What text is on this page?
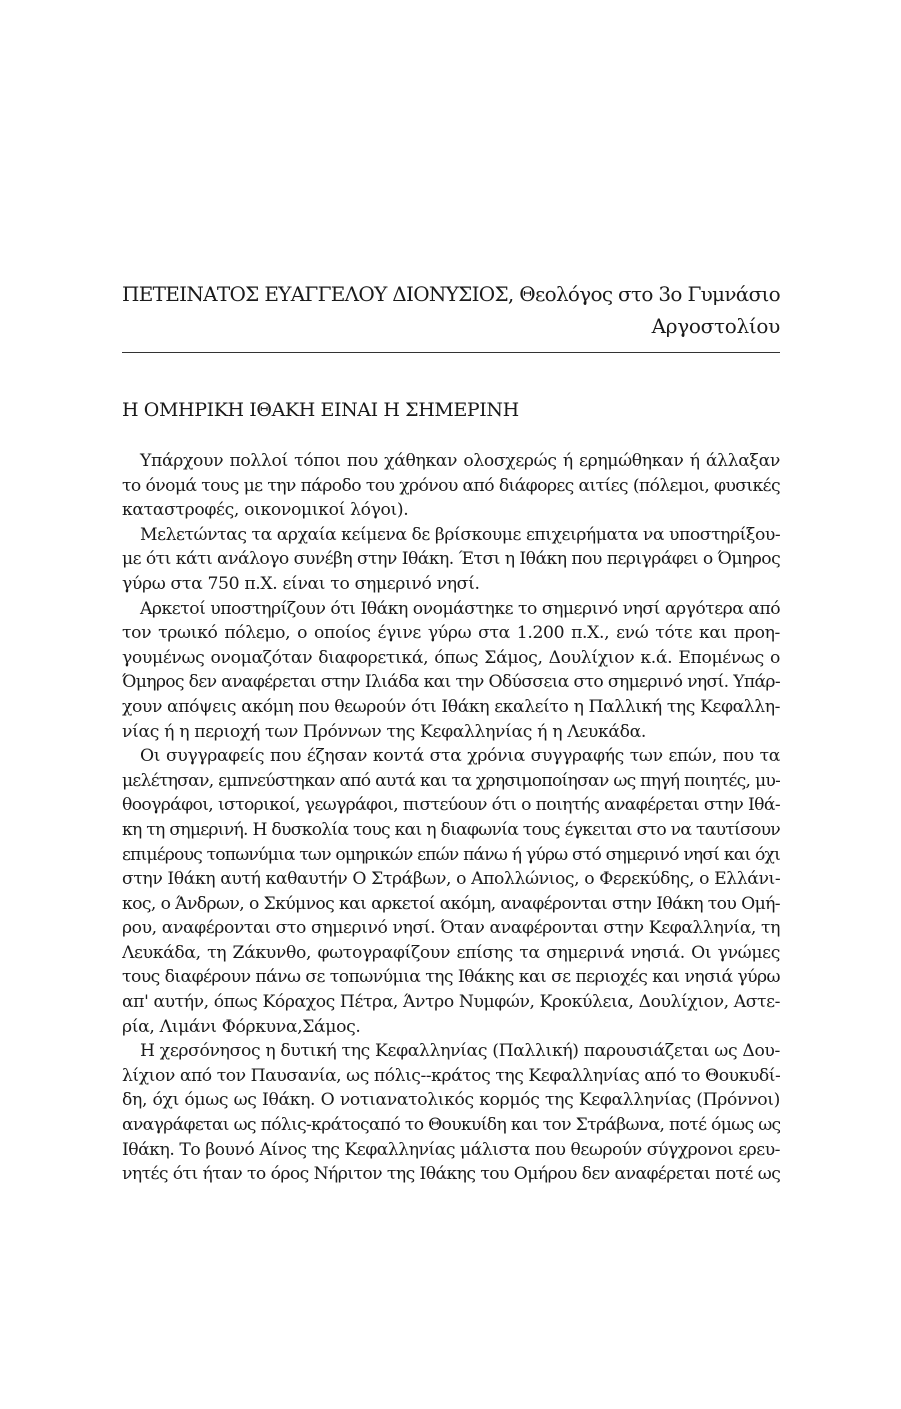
ΠΕΤΕΙΝΑΤΟΣ ΕΥΑΓΓΕΛΟΥ ΔΙΟΝΥΣΙΟΣ, Θεολόγος στο 3ο Γυμνάσιο
Αργοστολίου
Η ΟΜΗΡΙΚΗ ΙΘΑΚΗ ΕΙΝΑΙ Η ΣΗΜΕΡΙΝΗ
Υπάρχουν πολλοί τόποι που χάθηκαν ολοσχερώς ή ερημώθηκαν ή άλλαξαν
το όνομά τους με την πάροδο του χρόνου από διάφορες αιτίες (πόλεμοι, φυσικές
καταστροφές, οικονομικοί λόγοι).
Μελετώντας τα αρχαία κείμενα δε βρίσκουμε επιχειρήματα να υποστηρίξου-
με ότι κάτι ανάλογο συνέβη στην Ιθάκη. Έτσι η Ιθάκη που περιγράφει ο Όμηρος
γύρω στα 750 π.Χ. είναι το σημερινό νησί.
Αρκετοί υποστηρίζουν ότι Ιθάκη ονομάστηκε το σημερινό νησί αργότερα από
τον τρωικό πόλεμο, ο οποίος έγινε γύρω στα 1.200 π.Χ., ενώ τότε και προη-
γουμένως ονομαζόταν διαφορετικά, όπως Σάμος, Δουλίχιον κ.ά. Επομένως ο
Όμηρος δεν αναφέρεται στην Ιλιάδα και την Οδύσσεια στο σημερινό νησί. Υπάρ-
χουν απόψεις ακόμη που θεωρούν ότι Ιθάκη εκαλείτο η Παλλική της Κεφαλλη-
νίας ή η περιοχή των Πρόννων της Κεφαλληνίας ή η Λευκάδα.
Οι συγγραφείς που έζησαν κοντά στα χρόνια συγγραφής των επών, που τα
μελέτησαν, εμπνεύστηκαν από αυτά και τα χρησιμοποίησαν ως πηγή ποιητές, μυ-
θοογράφοι, ιστορικοί, γεωγράφοι, πιστεύουν ότι ο ποιητής αναφέρεται στην Ιθά-
κη τη σημερινή. Η δυσκολία τους και η διαφωνία τους έγκειται στο να ταυτίσουν
επιμέρους τοπωνύμια των ομηρικών επών πάνω ή γύρω στό σημερινό νησί και όχι
στην Ιθάκη αυτή καθαυτήν Ο Στράβων, ο Απολλώνιος, ο Φερεκύδης, ο Ελλάνι-
κος, ο Άνδρων, ο Σκύμνος και αρκετοί ακόμη, αναφέρονται στην Ιθάκη του Ομή-
ρου, αναφέρονται στο σημερινό νησί. Όταν αναφέρονται στην Κεφαλληνία, τη
Λευκάδα, τη Ζάκυνθο, φωτογραφίζουν επίσης τα σημερινά νησιά. Οι γνώμες
τους διαφέρουν πάνω σε τοπωνύμια της Ιθάκης και σε περιοχές και νησιά γύρω
απ' αυτήν, όπως Κόραχος Πέτρα, Άντρο Νυμφών, Κροκύλεια, Δουλίχιον, Αστε-
ρία, Λιμάνι Φόρκυνα,Σάμος.
Η χερσόνησος η δυτική της Κεφαλληνίας (Παλλική) παρουσιάζεται ως Δου-
λίχιον από τον Παυσανία, ως πόλις--κράτος της Κεφαλληνίας από το Θουκυδί-
δη, όχι όμως ως Ιθάκη. Ο νοτιανατολικός κορμός της Κεφαλληνίας (Πρόννοι)
αναγράφεται ως πόλις-κράτοςαπό το Θουκυίδη και τον Στράβωνα, ποτέ όμως ως
Ιθάκη. Το βουνό Αίνος της Κεφαλληνίας μάλιστα που θεωρούν σύγχρονοι ερευ-
νητές ότι ήταν το όρος Νήριτον της Ιθάκης του Ομήρου δεν αναφέρεται ποτέ ως
